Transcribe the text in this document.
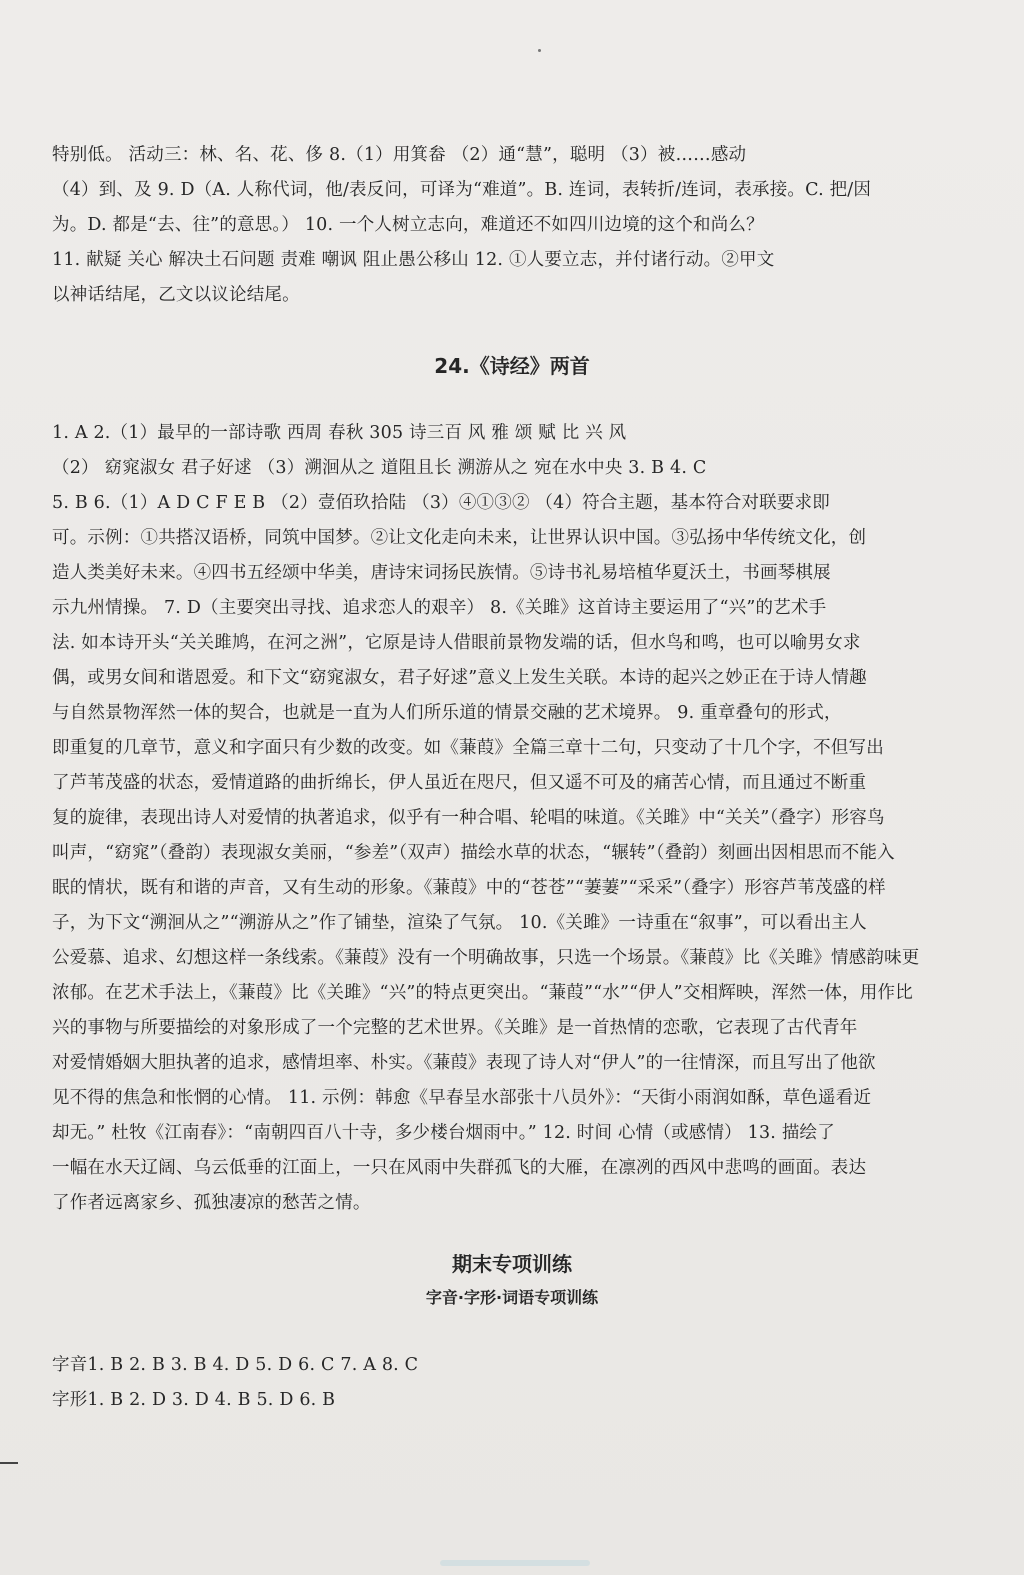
特别低。 活动三：林、名、花、侈 8.（1）用箕畚 （2）通“慧”，聪明 （3）被……感动

（4）到、及 9. D（A. 人称代词，他/表反问，可译为“难道”。B. 连词，表转折/连词，表承接。C. 把/因

为。D. 都是“去、往”的意思。） 10. 一个人树立志向，难道还不如四川边境的这个和尚么？

11. 献疑 关心 解决土石问题 责难 嘲讽 阻止愚公移山 12. ①人要立志，并付诸行动。②甲文

以神话结尾，乙文以议论结尾。

24.《诗经》两首

1. A 2.（1）最早的一部诗歌 西周 春秋 305 诗三百 风 雅 颂 赋 比 兴 风

（2） 窈窕淑女 君子好逑 （3）溯洄从之 道阻且长 溯游从之 宛在水中央 3. B 4. C

5. B 6.（1）A D C F E B （2）壹佰玖拾陆 （3）④①③② （4）符合主题，基本符合对联要求即

可。示例：①共搭汉语桥，同筑中国梦。②让文化走向未来，让世界认识中国。③弘扬中华传统文化，创

造人类美好未来。④四书五经颂中华美，唐诗宋词扬民族情。⑤诗书礼易培植华夏沃土，书画琴棋展

示九州情操。 7. D（主要突出寻找、追求恋人的艰辛） 8.《关雎》这首诗主要运用了“兴”的艺术手

法. 如本诗开头“关关雎鸠，在河之洲”，它原是诗人借眼前景物发端的话，但水鸟和鸣，也可以喻男女求

偶，或男女间和谐恩爱。和下文“窈窕淑女，君子好逑”意义上发生关联。本诗的起兴之妙正在于诗人情趣

与自然景物浑然一体的契合，也就是一直为人们所乐道的情景交融的艺术境界。 9. 重章叠句的形式，

即重复的几章节，意义和字面只有少数的改变。如《蒹葭》全篇三章十二句，只变动了十几个字，不但写出

了芦苇茂盛的状态，爱情道路的曲折绵长，伊人虽近在咫尺，但又遥不可及的痛苦心情，而且通过不断重

复的旋律，表现出诗人对爱情的执著追求，似乎有一种合唱、轮唱的味道。《关雎》中“关关”（叠字）形容鸟

叫声，“窈窕”（叠韵）表现淑女美丽，“参差”（双声）描绘水草的状态，“辗转”（叠韵）刻画出因相思而不能入

眠的情状，既有和谐的声音，又有生动的形象。《蒹葭》中的“苍苍”“萋萋”“采采”（叠字）形容芦苇茂盛的样

子，为下文“溯洄从之”“溯游从之”作了铺垫，渲染了气氛。 10.《关雎》一诗重在“叙事”，可以看出主人

公爱慕、追求、幻想这样一条线索。《蒹葭》没有一个明确故事，只选一个场景。《蒹葭》比《关雎》情感韵味更

浓郁。在艺术手法上，《蒹葭》比《关雎》“兴”的特点更突出。“蒹葭”“水”“伊人”交相辉映，浑然一体，用作比

兴的事物与所要描绘的对象形成了一个完整的艺术世界。《关雎》是一首热情的恋歌，它表现了古代青年

对爱情婚姻大胆执著的追求，感情坦率、朴实。《蒹葭》表现了诗人对“伊人”的一往情深，而且写出了他欲

见不得的焦急和怅惘的心情。 11. 示例：韩愈《早春呈水部张十八员外》：“天街小雨润如酥，草色遥看近

却无。” 杜牧《江南春》：“南朝四百八十寺，多少楼台烟雨中。” 12. 时间 心情（或感情） 13. 描绘了

一幅在水天辽阔、乌云低垂的江面上，一只在风雨中失群孤飞的大雁，在凛冽的西风中悲鸣的画面。表达

了作者远离家乡、孤独凄凉的愁苦之情。

期末专项训练
字音·字形·词语专项训练

字音1. B 2. B 3. B 4. D 5. D 6. C 7. A 8. C

字形1. B 2. D 3. D 4. B 5. D 6. B
